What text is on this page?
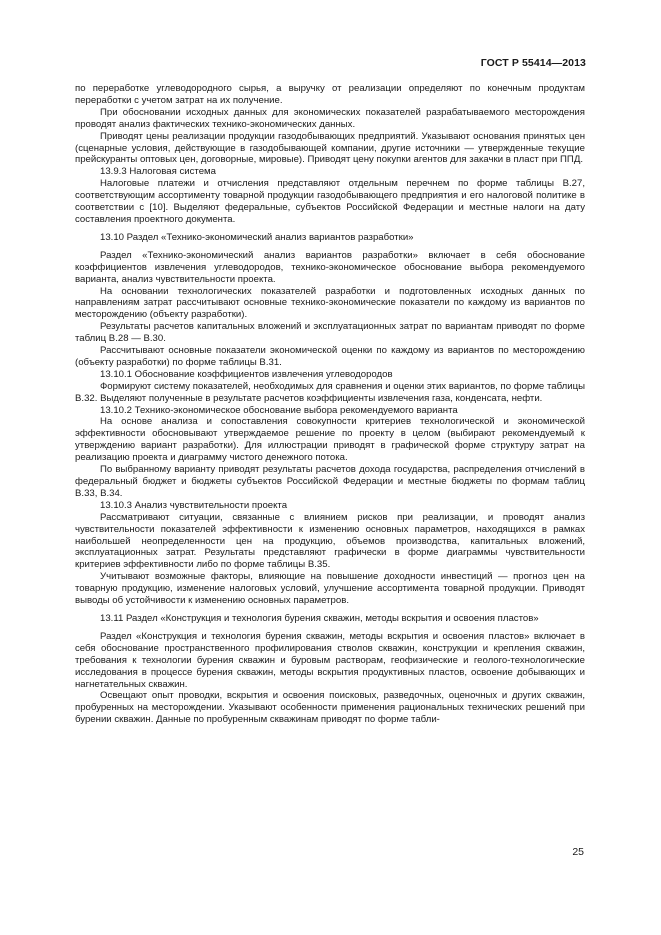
ГОСТ Р 55414—2013

по переработке углеводородного сырья, а выручку от реализации определяют по конечным продуктам переработки с учетом затрат на их получение.

При обосновании исходных данных для экономических показателей разрабатываемого месторождения проводят анализ фактических технико-экономических данных.

Приводят цены реализации продукции газодобывающих предприятий. Указывают основания принятых цен (сценарные условия, действующие в газодобывающей компании, другие источники — утвержденные текущие прейскуранты оптовых цен, договорные, мировые). Приводят цену покупки агентов для закачки в пласт при ППД.

13.9.3 Налоговая система

Налоговые платежи и отчисления представляют отдельным перечнем по форме таблицы В.27, соответствующим ассортименту товарной продукции газодобывающего предприятия и его налоговой политике в соответствии с [10]. Выделяют федеральные, субъектов Российской Федерации и местные налоги на дату составления проектного документа.

13.10 Раздел «Технико-экономический анализ вариантов разработки»

Раздел «Технико-экономический анализ вариантов разработки» включает в себя обоснование коэффициентов извлечения углеводородов, технико-экономическое обоснование выбора рекомендуемого варианта, анализ чувствительности проекта.

На основании технологических показателей разработки и подготовленных исходных данных по направлениям затрат рассчитывают основные технико-экономические показатели по каждому из вариантов по месторождению (объекту разработки).

Результаты расчетов капитальных вложений и эксплуатационных затрат по вариантам приводят по форме таблиц В.28 — В.30.

Рассчитывают основные показатели экономической оценки по каждому из вариантов по месторождению (объекту разработки) по форме таблицы В.31.

13.10.1 Обоснование коэффициентов извлечения углеводородов

Формируют систему показателей, необходимых для сравнения и оценки этих вариантов, по форме таблицы В.32. Выделяют полученные в результате расчетов коэффициенты извлечения газа, конденсата, нефти.

13.10.2 Технико-экономическое обоснование выбора рекомендуемого варианта

На основе анализа и сопоставления совокупности критериев технологической и экономической эффективности обосновывают утверждаемое решение по проекту в целом (выбирают рекомендуемый к утверждению вариант разработки). Для иллюстрации приводят в графической форме структуру затрат на реализацию проекта и диаграмму чистого денежного потока.

По выбранному варианту приводят результаты расчетов дохода государства, распределения отчислений в федеральный бюджет и бюджеты субъектов Российской Федерации и местные бюджеты по формам таблиц В.33, В.34.

13.10.3 Анализ чувствительности проекта

Рассматривают ситуации, связанные с влиянием рисков при реализации, и проводят анализ чувствительности показателей эффективности к изменению основных параметров, находящихся в рамках наибольшей неопределенности цен на продукцию, объемов производства, капитальных вложений, эксплуатационных затрат. Результаты представляют графически в форме диаграммы чувствительности критериев эффективности либо по форме таблицы В.35.

Учитывают возможные факторы, влияющие на повышение доходности инвестиций — прогноз цен на товарную продукцию, изменение налоговых условий, улучшение ассортимента товарной продукции. Приводят выводы об устойчивости к изменению основных параметров.

13.11 Раздел «Конструкция и технология бурения скважин, методы вскрытия и освоения пластов»

Раздел «Конструкция и технология бурения скважин, методы вскрытия и освоения пластов» включает в себя обоснование пространственного профилирования стволов скважин, конструкции и крепления скважин, требования к технологии бурения скважин и буровым растворам, геофизические и геолого-технологические исследования в процессе бурения скважин, методы вскрытия продуктивных пластов, освоение добывающих и нагнетательных скважин.

Освещают опыт проводки, вскрытия и освоения поисковых, разведочных, оценочных и других скважин, пробуренных на месторождении. Указывают особенности применения рациональных технических решений при бурении скважин. Данные по пробуренным скважинам приводят по форме табли-

25
